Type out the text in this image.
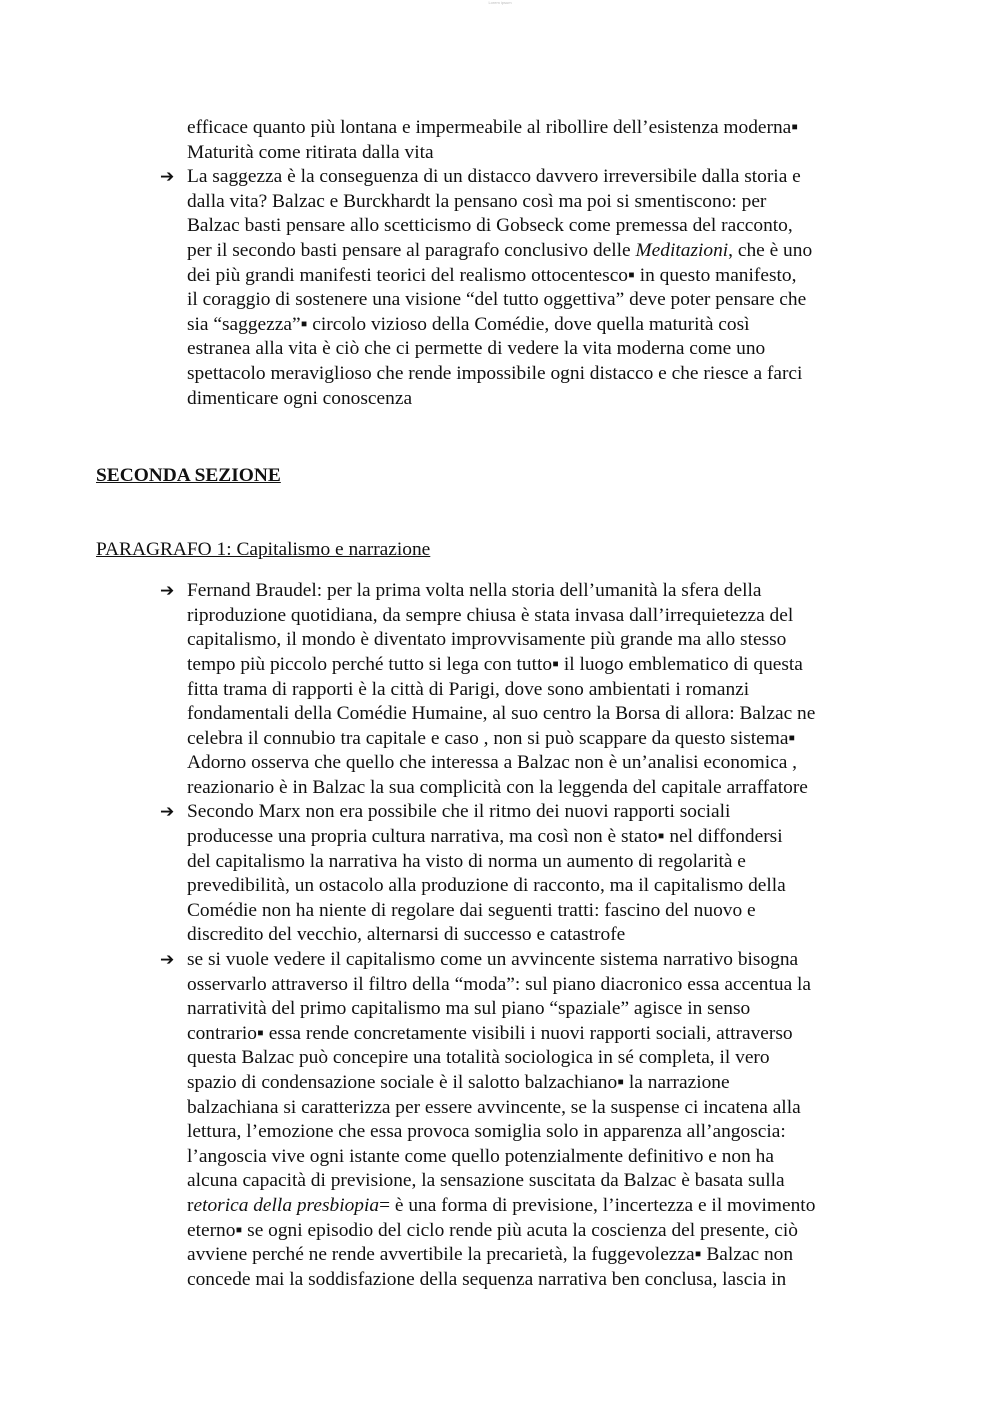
Lorem ipsum
efficace quanto più lontana e impermeabile al ribollire dell’esistenza moderna▪
Maturità come ritirata dalla vita
➔ La saggezza è la conseguenza di un distacco davvero irreversibile dalla storia e
dalla vita? Balzac e Burckhardt la pensano così ma poi si smentiscono: per
Balzac basti pensare allo scetticismo di Gobseck come premessa del racconto,
per il secondo basti pensare al paragrafo conclusivo delle Meditazioni, che è uno
dei più grandi manifesti teorici del realismo ottocentesco▪ in questo manifesto,
il coraggio di sostenere una visione “del tutto oggettiva” deve poter pensare che
sia “saggezza”▪ circolo vizioso della Comédie, dove quella maturità così
estranea alla vita è ciò che ci permette di vedere la vita moderna come uno
spettacolo meraviglioso che rende impossibile ogni distacco e che riesce a farci
dimenticare ogni conoscenza
SECONDA SEZIONE
PARAGRAFO 1: Capitalismo e narrazione
➔ Fernand Braudel: per la prima volta nella storia dell’umanità la sfera della
riproduzione quotidiana, da sempre chiusa è stata invasa dall’irrequietezza del
capitalismo, il mondo è diventato improvvisamente più grande ma allo stesso
tempo più piccolo perché tutto si lega con tutto▪ il luogo emblematico di questa
fitta trama di rapporti è la città di Parigi, dove sono ambientati i romanzi
fondamentali della Comédie Humaine, al suo centro la Borsa di allora: Balzac ne
celebra il connubio tra capitale e caso , non si può scappare da questo sistema▪
Adorno osserva che quello che interessa a Balzac non è un’analisi economica ,
reazionario è in Balzac la sua complicità con la leggenda del capitale arraffatore
➔ Secondo Marx non era possibile che il ritmo dei nuovi rapporti sociali
producesse una propria cultura narrativa, ma così non è stato▪ nel diffondersi
del capitalismo la narrativa ha visto di norma un aumento di regolarità e
prevedibilità, un ostacolo alla produzione di racconto, ma il capitalismo della
Comédie non ha niente di regolare dai seguenti tratti: fascino del nuovo e
discredito del vecchio, alternarsi di successo e catastrofe
➔ se si vuole vedere il capitalismo come un avvincente sistema narrativo bisogna
osservarlo attraverso il filtro della “moda”: sul piano diacronico essa accentua la
narratività del primo capitalismo ma sul piano “spaziale” agisce in senso
contrario▪ essa rende concretamente visibili i nuovi rapporti sociali, attraverso
questa Balzac può concepire una totalità sociologica in sé completa, il vero
spazio di condensazione sociale è il salotto balzachiano▪ la narrazione
balzachiana si caratterizza per essere avvincente, se la suspense ci incatena alla
lettura, l’emozione che essa provoca somiglia solo in apparenza all’angoscia:
l’angoscia vive ogni istante come quello potenzialmente definitivo e non ha
alcuna capacità di previsione, la sensazione suscitata da Balzac è basata sulla
retorica della presbiopia= è una forma di previsione, l’incertezza e il movimento
eterno▪ se ogni episodio del ciclo rende più acuta la coscienza del presente, ciò
avviene perché ne rende avvertibile la precarietà, la fuggevolezza▪ Balzac non
concede mai la soddisfazione della sequenza narrativa ben conclusa, lascia in
